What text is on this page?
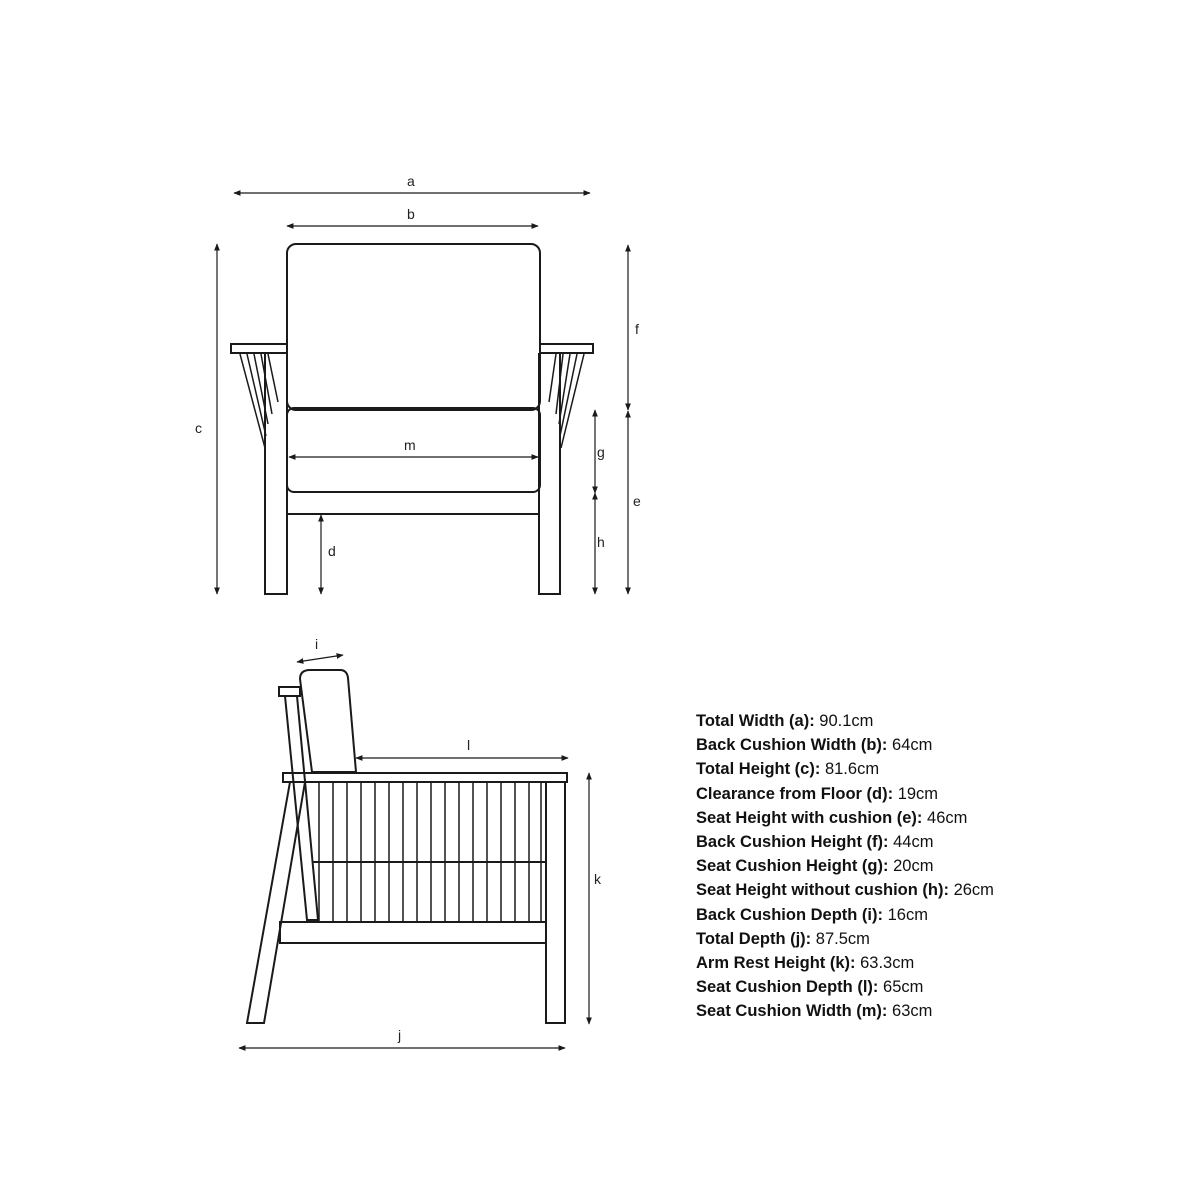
a
b
c
d
f
e
g
h
m
i
l
k
j
Total Width (a): 90.1cm
Back Cushion Width (b): 64cm
Total Height (c): 81.6cm
Clearance from Floor (d): 19cm
Seat Height with cushion (e): 46cm
Back Cushion Height (f): 44cm
Seat Cushion Height (g): 20cm
Seat Height without cushion (h): 26cm
Back Cushion Depth (i): 16cm
Total Depth (j): 87.5cm
Arm Rest Height (k): 63.3cm
Seat Cushion Depth (l): 65cm
Seat Cushion Width (m): 63cm
